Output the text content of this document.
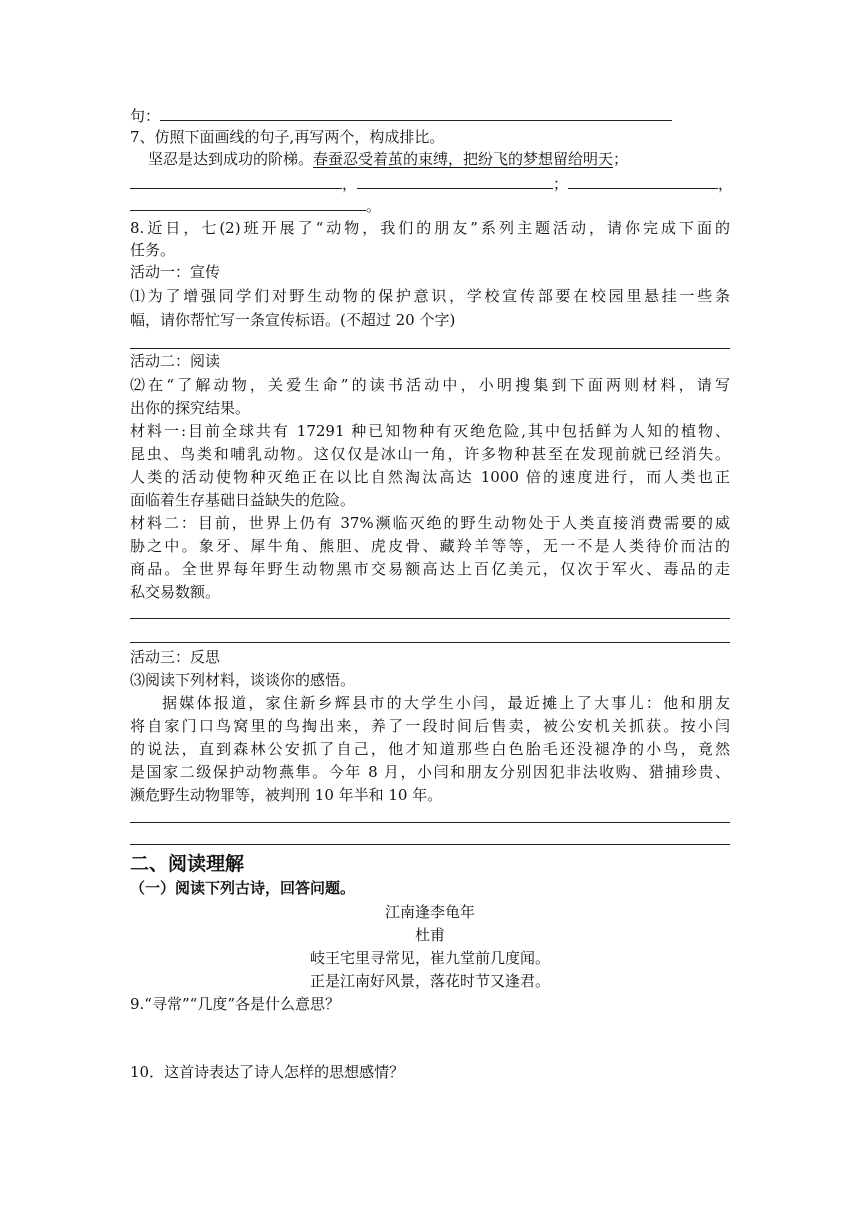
句：
7、仿照下面画线的句子,再写两个，构成排比。
坚忍是达到成功的阶梯。春蚕忍受着茧的束缚，把纷飞的梦想留给明天；
，	；	，
。
8.近日，七(2)班开展了“动物，我们的朋友”系列主题活动，请你完成下面的
任务。
活动一：宣传
⑴为了增强同学们对野生动物的保护意识，学校宣传部要在校园里悬挂一些条
幅，请你帮忙写一条宣传标语。(不超过 20 个字)
活动二：阅读
⑵在“了解动物，关爱生命”的读书活动中，小明搜集到下面两则材料，请写
出你的探究结果。
材料一:目前全球共有 17291 种已知物种有灭绝危险,其中包括鲜为人知的植物、
昆虫、鸟类和哺乳动物。这仅仅是冰山一角，许多物种甚至在发现前就已经消失。
人类的活动使物种灭绝正在以比自然淘汰高达 1000 倍的速度进行，而人类也正
面临着生存基础日益缺失的危险。
材料二：目前，世界上仍有 37%濒临灭绝的野生动物处于人类直接消费需要的威
胁之中。象牙、犀牛角、熊胆、虎皮骨、藏羚羊等等，无一不是人类待价而沽的
商品。全世界每年野生动物黑市交易额高达上百亿美元，仅次于军火、毒品的走
私交易数额。
活动三：反思
⑶阅读下列材料，谈谈你的感悟。
据媒体报道，家住新乡辉县市的大学生小闫，最近摊上了大事儿：他和朋友
将自家门口鸟窝里的鸟掏出来，养了一段时间后售卖，被公安机关抓获。按小闫
的说法，直到森林公安抓了自己，他才知道那些白色胎毛还没褪净的小鸟，竟然
是国家二级保护动物燕隼。今年 8 月，小闫和朋友分别因犯非法收购、猎捕珍贵、
濒危野生动物罪等，被判刑 10 年半和 10 年。
二、阅读理解
（一）阅读下列古诗，回答问题。
江南逢李龟年
杜甫
岐王宅里寻常见，崔九堂前几度闻。
正是江南好风景，落花时节又逢君。
9.“寻常”“几度”各是什么意思？
10．这首诗表达了诗人怎样的思想感情？
